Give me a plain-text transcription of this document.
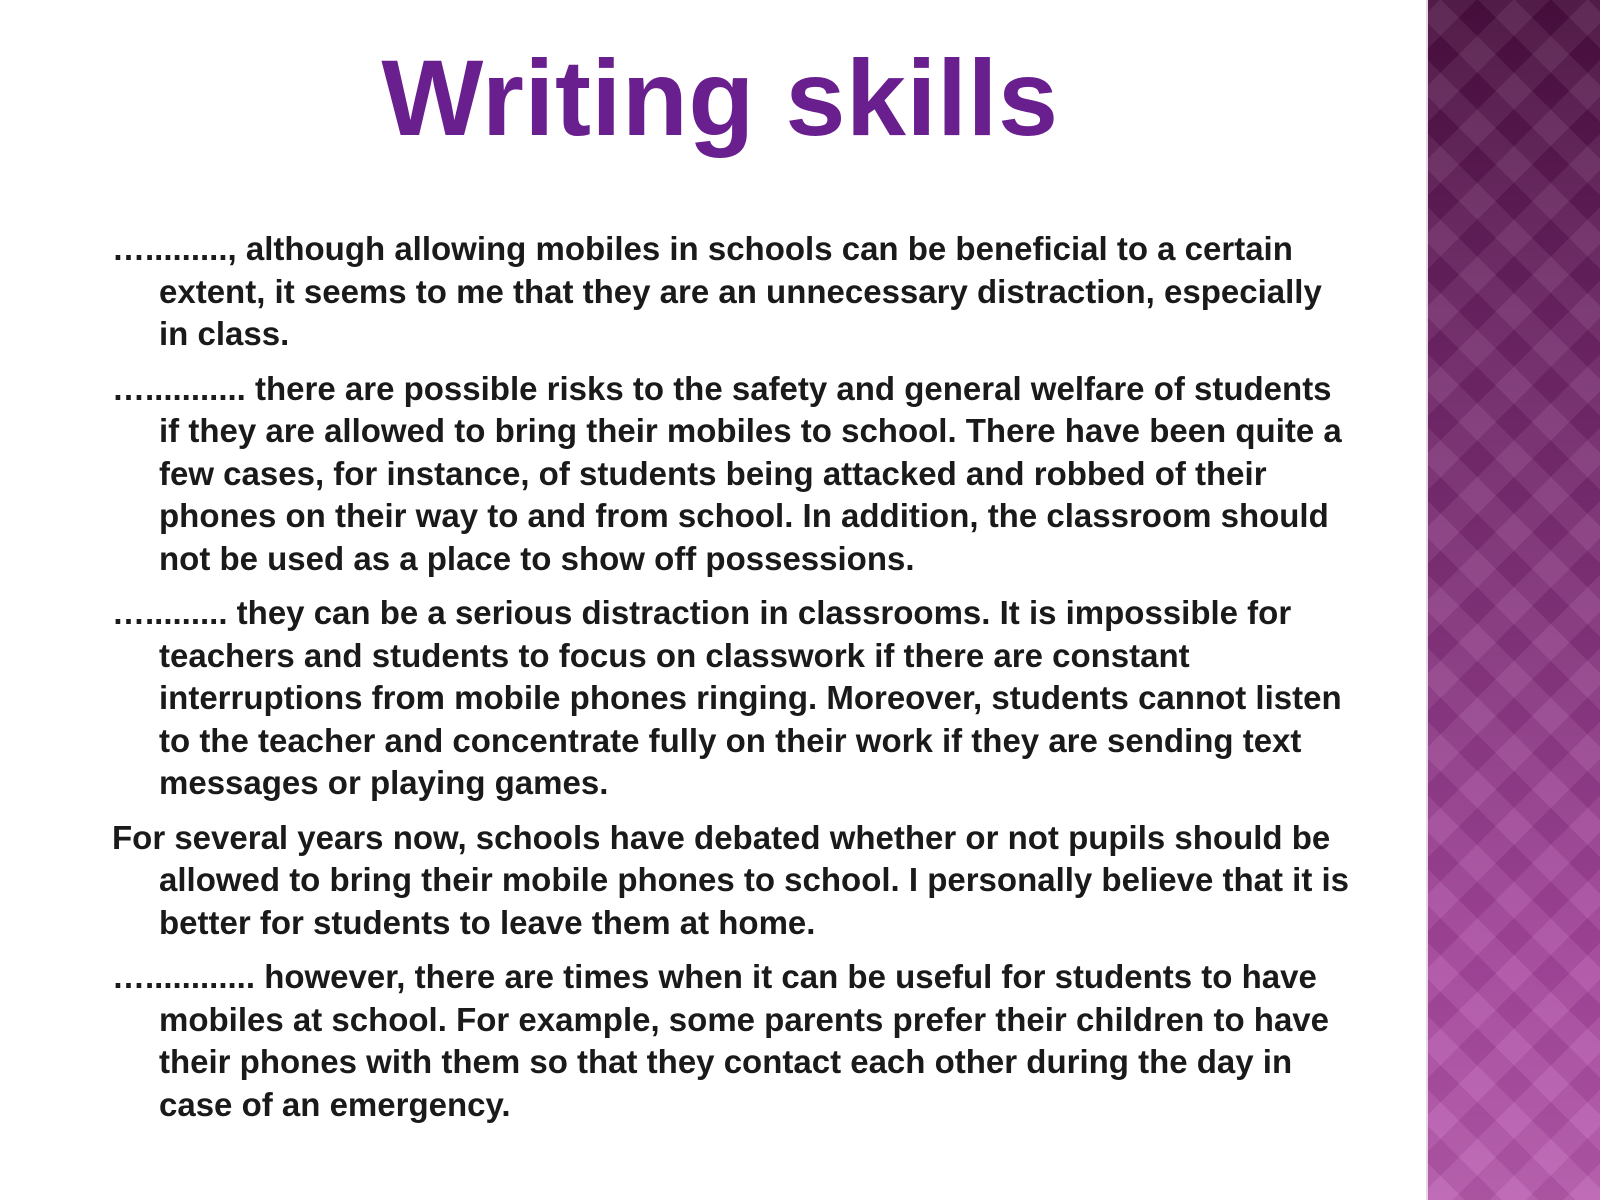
Writing skills

…........., although allowing mobiles in schools can be beneficial to a certain extent, it seems to me that they are an unnecessary distraction, especially in class.

…........... there are possible risks to the safety and general welfare of students if they are allowed to bring their mobiles to school. There have been quite a few cases, for instance, of students being attacked and robbed of their phones on their way to and from school. In addition, the classroom should not be used as a place to show off possessions.

…......... they can be a serious distraction in classrooms. It is impossible for teachers and students to focus on classwork if there are constant interruptions from mobile phones ringing. Moreover, students cannot listen to the teacher and concentrate fully on their work if they are sending text messages or playing games.

For several years now, schools have debated whether or not pupils should be allowed to bring their mobile phones to school. I personally believe that it is better for students to leave them at home.

…............ however, there are times when it can be useful for students to have mobiles at school. For example, some parents prefer their children to have their phones with them so that they contact each other during the day in case of an emergency.
